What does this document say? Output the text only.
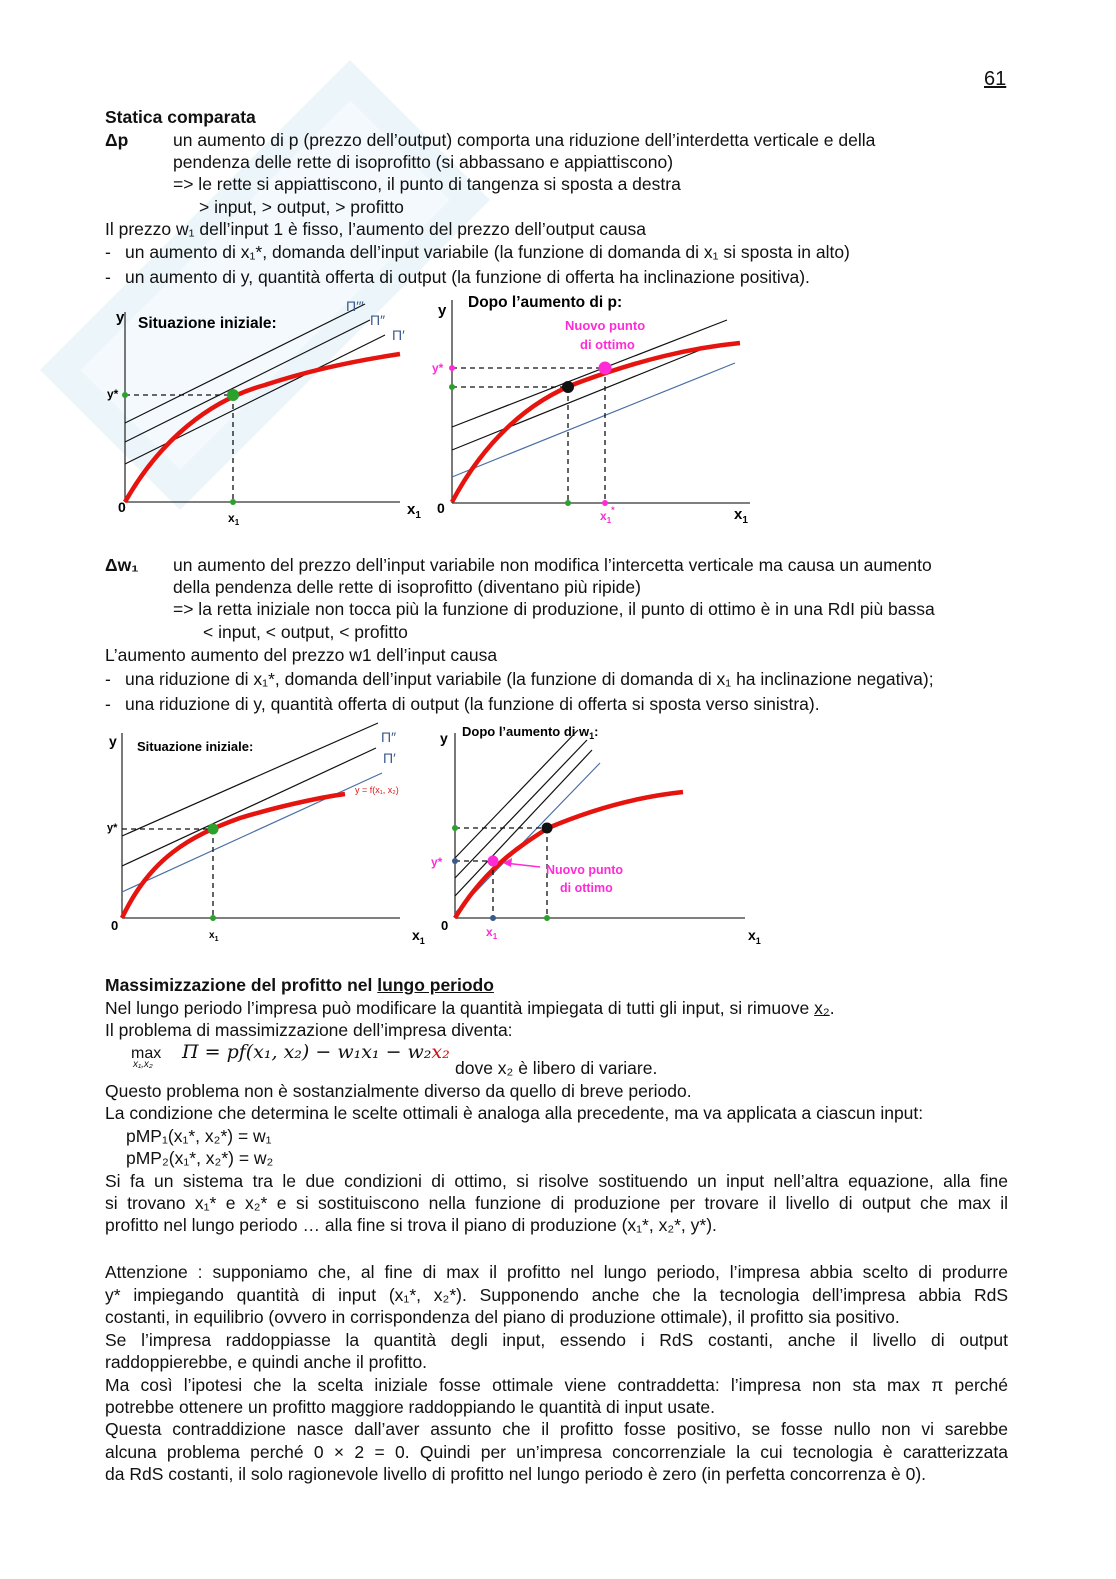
61
Statica comparata
Δp	un aumento di p (prezzo dell’output) comporta una riduzione dell’interdetta verticale e della
pendenza delle rette di isoprofitto (si abbassano e appiattiscono)
=> le rette si appiattiscono, il punto di tangenza si sposta a destra
> input, > output, > profitto
Il prezzo w₁ dell’input 1 è fisso, l’aumento del prezzo dell’output causa
- un aumento di x₁*, domanda dell’input variabile (la funzione di domanda di x₁ si sposta in alto)
- un aumento di y, quantità offerta di output (la funzione di offerta ha inclinazione positiva).
y Situazione iniziale:
0	$x_1$
Π′″
Π″
Π′
y*
$x_1$
y Dopo l’aumento di p:
0	$x_1$
y*
$x_1^*$
Nuovo punto
di ottimo
Δw₁ un aumento del prezzo dell’input variabile non modifica l’intercetta verticale ma causa un aumento
della pendenza delle rette di isoprofitto (diventano più ripide)
=> la retta iniziale non tocca più la funzione di produzione, il punto di ottimo è in una RdI più bassa
< input, < output, < profitto
L’aumento aumento del prezzo w1 dell’input causa
- una riduzione di x₁*, domanda dell’input variabile (la funzione di domanda di x₁ ha inclinazione negativa);
- una riduzione di y, quantità offerta di output (la funzione di offerta si sposta verso sinistra).
y Situazione iniziale:
0
$x_1$
Π″
Π′
y = f(x₁, x₂)
y*
$x_1$
y Dopo l’aumento di $w_1$:
0
$x_1$
y*
$x_1$
Nuovo punto
di ottimo
Massimizzazione del profitto nel lungo periodo
Nel lungo periodo l’impresa può modificare la quantità impiegata di tutti gli input, si rimuove x₂.
Il problema di massimizzazione dell’impresa diventa:
max
x₁,x₂
Π = pf(x₁, x₂) − w₁x₁ − w₂x₂
dove x₂ è libero di variare.
Questo problema non è sostanzialmente diverso da quello di breve periodo.
La condizione che determina le scelte ottimali è analoga alla precedente, ma va applicata a ciascun input:
pMP₁(x₁*, x₂*) = w₁
pMP₂(x₁*, x₂*) = w₂
Si fa un sistema tra le due condizioni di ottimo, si risolve sostituendo un input nell’altra equazione, alla fine
si trovano x₁* e x₂* e si sostituiscono nella funzione di produzione per trovare il livello di output che max il
profitto nel lungo periodo … alla fine si trova il piano di produzione (x₁*, x₂*, y*).
Attenzione : supponiamo che, al fine di max il profitto nel lungo periodo, l’impresa abbia scelto di produrre
y* impiegando quantità di input (x₁*, x₂*). Supponendo anche che la tecnologia dell’impresa abbia RdS
costanti, in equilibrio (ovvero in corrispondenza del piano di produzione ottimale), il profitto sia positivo.
Se l’impresa raddoppiasse la quantità degli input, essendo i RdS costanti, anche il livello di output
raddoppierebbe, e quindi anche il profitto.
Ma così l’ipotesi che la scelta iniziale fosse ottimale viene contraddetta: l’impresa non sta max π perché
potrebbe ottenere un profitto maggiore raddoppiando le quantità di input usate.
Questa contraddizione nasce dall’aver assunto che il profitto fosse positivo, se fosse nullo non vi sarebbe
alcuna problema perché 0 × 2 = 0. Quindi per un’impresa concorrenziale la cui tecnologia è caratterizzata
da RdS costanti, il solo ragionevole livello di profitto nel lungo periodo è zero (in perfetta concorrenza è 0).
